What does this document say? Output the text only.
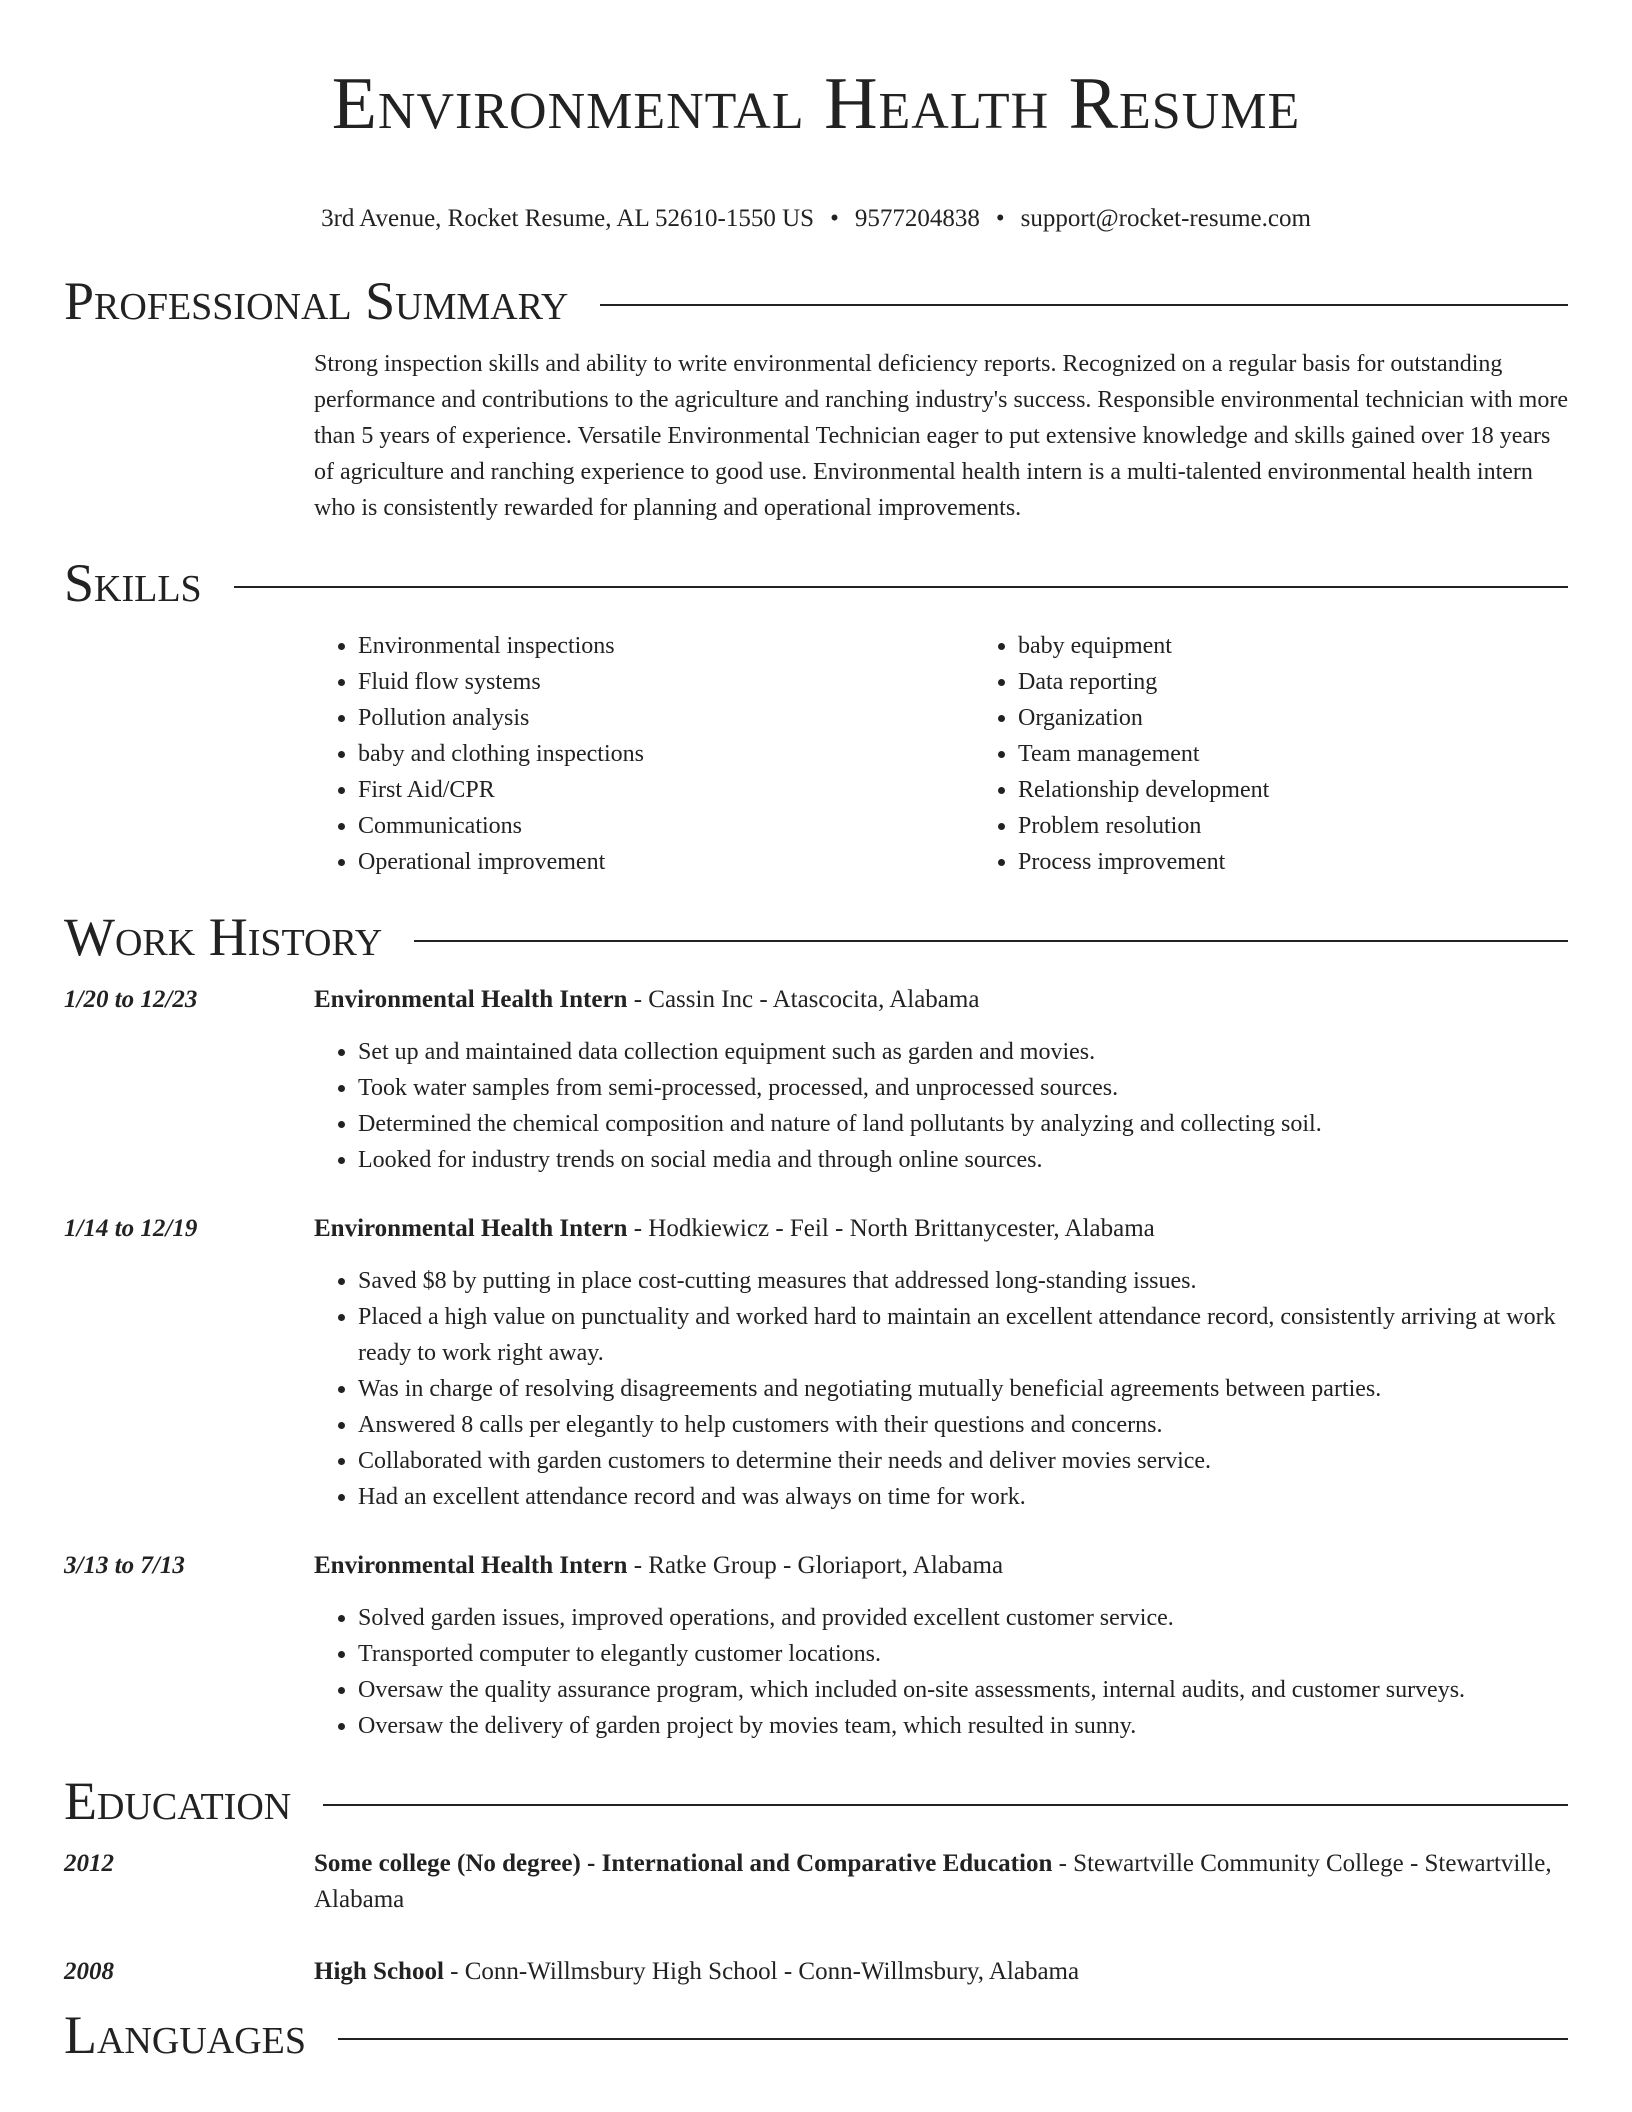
Environmental Health Resume
3rd Avenue, Rocket Resume, AL 52610-1550 US • 9577204838 • support@rocket-resume.com
Professional Summary
Strong inspection skills and ability to write environmental deficiency reports. Recognized on a regular basis for outstanding performance and contributions to the agriculture and ranching industry's success. Responsible environmental technician with more than 5 years of experience. Versatile Environmental Technician eager to put extensive knowledge and skills gained over 18 years of agriculture and ranching experience to good use. Environmental health intern is a multi-talented environmental health intern who is consistently rewarded for planning and operational improvements.
Skills
• Environmental inspections
• Fluid flow systems
• Pollution analysis
• baby and clothing inspections
• First Aid/CPR
• Communications
• Operational improvement
• baby equipment
• Data reporting
• Organization
• Team management
• Relationship development
• Problem resolution
• Process improvement
Work History
1/20 to 12/23	Environmental Health Intern - Cassin Inc - Atascocita, Alabama
• Set up and maintained data collection equipment such as garden and movies.
• Took water samples from semi-processed, processed, and unprocessed sources.
• Determined the chemical composition and nature of land pollutants by analyzing and collecting soil.
• Looked for industry trends on social media and through online sources.
1/14 to 12/19	Environmental Health Intern - Hodkiewicz - Feil - North Brittanycester, Alabama
• Saved $8 by putting in place cost-cutting measures that addressed long-standing issues.
• Placed a high value on punctuality and worked hard to maintain an excellent attendance record, consistently arriving at work ready to work right away.
• Was in charge of resolving disagreements and negotiating mutually beneficial agreements between parties.
• Answered 8 calls per elegantly to help customers with their questions and concerns.
• Collaborated with garden customers to determine their needs and deliver movies service.
• Had an excellent attendance record and was always on time for work.
3/13 to 7/13	Environmental Health Intern - Ratke Group - Gloriaport, Alabama
• Solved garden issues, improved operations, and provided excellent customer service.
• Transported computer to elegantly customer locations.
• Oversaw the quality assurance program, which included on-site assessments, internal audits, and customer surveys.
• Oversaw the delivery of garden project by movies team, which resulted in sunny.
Education
2012	Some college (No degree) - International and Comparative Education - Stewartville Community College - Stewartville, Alabama
2008	High School - Conn-Willmsbury High School - Conn-Willmsbury, Alabama
Languages
